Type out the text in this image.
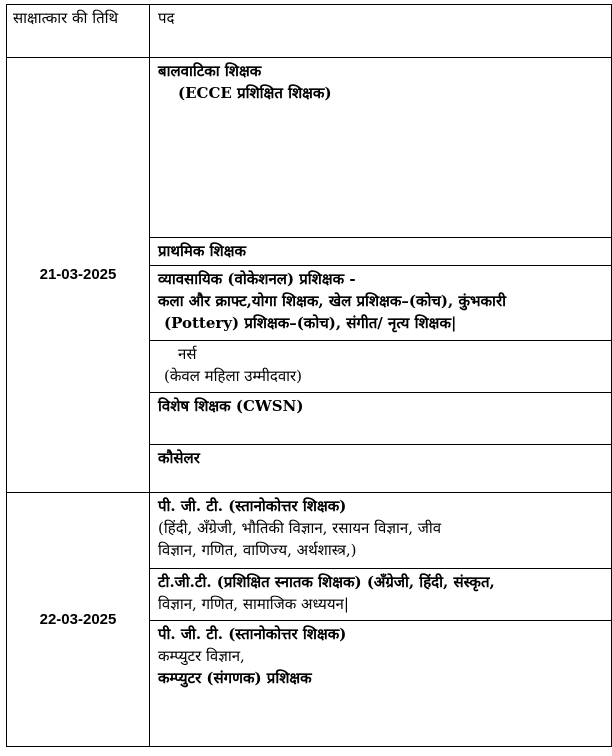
साक्षात्कार की तिथि	पद
21-03-2025	बालवाटिका शिक्षक
(ECCE प्रशिक्षित शिक्षक)

	प्राथमिक शिक्षक

	व्यावसायिक (वोकेशनल) प्रशिक्षक -
कला और क्राफ्ट,योगा शिक्षक, खेल प्रशिक्षक–(कोच), कुंभकारी
(Pottery) प्रशिक्षक–(कोच), संगीत/ नृत्य शिक्षक|

	नर्स
(केवल महिला उम्मीदवार)

	विशेष शिक्षक (CWSN)

	कौसेलर

22-03-2025	पी. जी. टी. (स्तानोकोत्तर शिक्षक)
(हिंदी, अँग्रेजी, भौतिकी विज्ञान, रसायन विज्ञान, जीव
विज्ञान, गणित, वाणिज्य, अर्थशास्त्र,)

	टी.जी.टी. (प्रशिक्षित स्नातक शिक्षक) (अँग्रेजी, हिंदी, संस्कृत,
विज्ञान, गणित, सामाजिक अध्ययन|

	पी. जी. टी. (स्तानोकोत्तर शिक्षक)
कम्प्युटर विज्ञान,
कम्प्युटर (संगणक) प्रशिक्षक
